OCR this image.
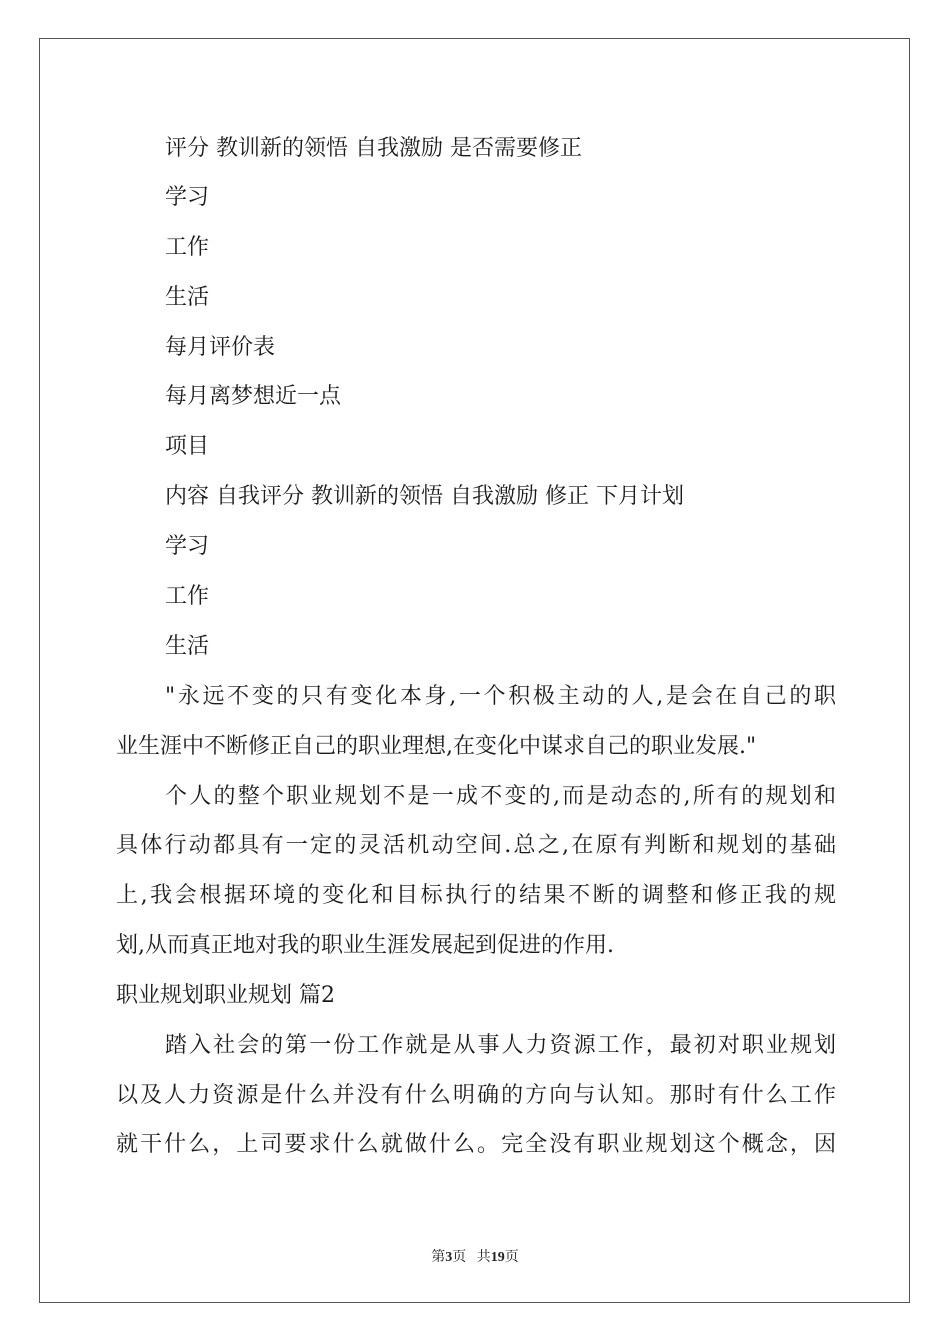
评分 教训新的领悟 自我激励 是否需要修正
学习
工作
生活
每月评价表
每月离梦想近一点
项目
内容 自我评分 教训新的领悟 自我激励 修正 下月计划
学习
工作
生活
"永远不变的只有变化本身,一个积极主动的人,是会在自己的职
业生涯中不断修正自己的职业理想,在变化中谋求自己的职业发展."
个人的整个职业规划不是一成不变的,而是动态的,所有的规划和
具体行动都具有一定的灵活机动空间.总之,在原有判断和规划的基础
上,我会根据环境的变化和目标执行的结果不断的调整和修正我的规
划,从而真正地对我的职业生涯发展起到促进的作用.
职业规划职业规划 篇2
踏入社会的第一份工作就是从事人力资源工作，最初对职业规划
以及人力资源是什么并没有什么明确的方向与认知。那时有什么工作
就干什么，上司要求什么就做什么。完全没有职业规划这个概念，因
第3页   共19页
